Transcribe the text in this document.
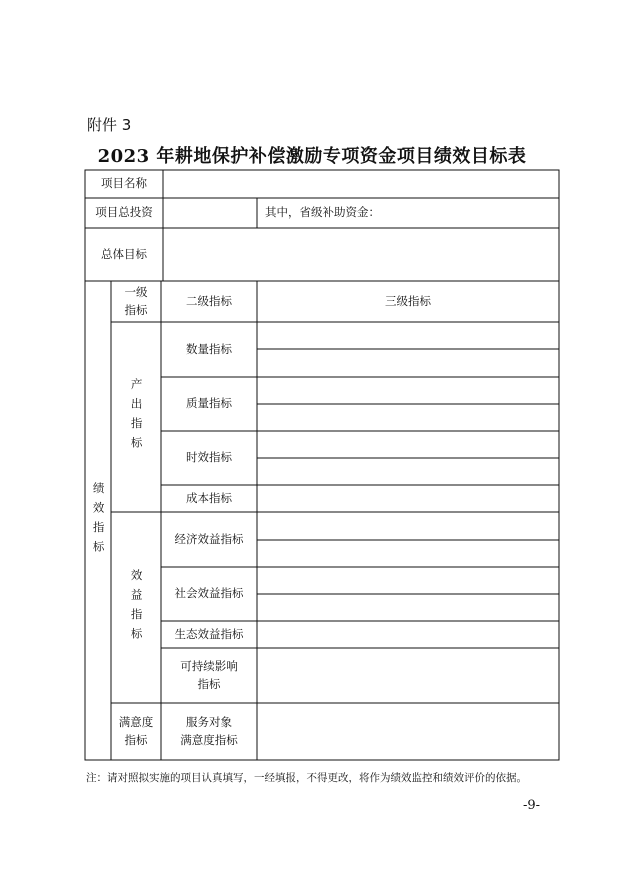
附件 3
2023 年耕地保护补偿激励专项资金项目绩效目标表
项目名称
项目总投资	其中，省级补助资金：
总体目标
绩效指标
一级
指标
二级指标	三级指标
产出指标
数量指标
质量指标
时效指标
成本指标
效益指标
经济效益指标
社会效益指标
生态效益指标
可持续影响
指标
满意度
指标
服务对象
满意度指标
注：请对照拟实施的项目认真填写，一经填报，不得更改，将作为绩效监控和绩效评价的依据。
-9-
